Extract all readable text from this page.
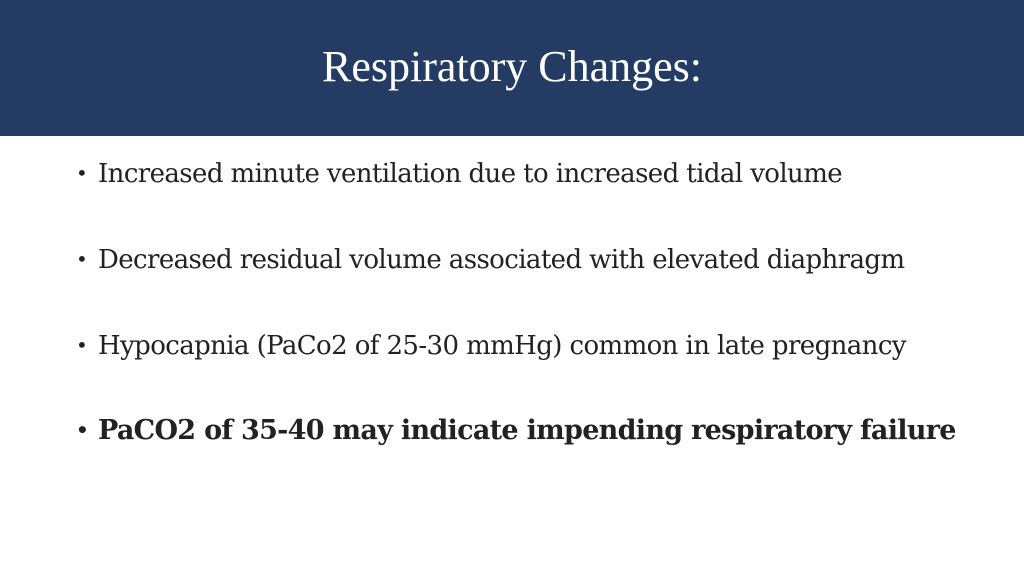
Respiratory Changes:
• Increased minute ventilation due to increased tidal volume
• Decreased residual volume associated with elevated diaphragm
• Hypocapnia (PaCo2 of 25-30 mmHg) common in late pregnancy
• PaCO2 of 35-40 may indicate impending respiratory failure
